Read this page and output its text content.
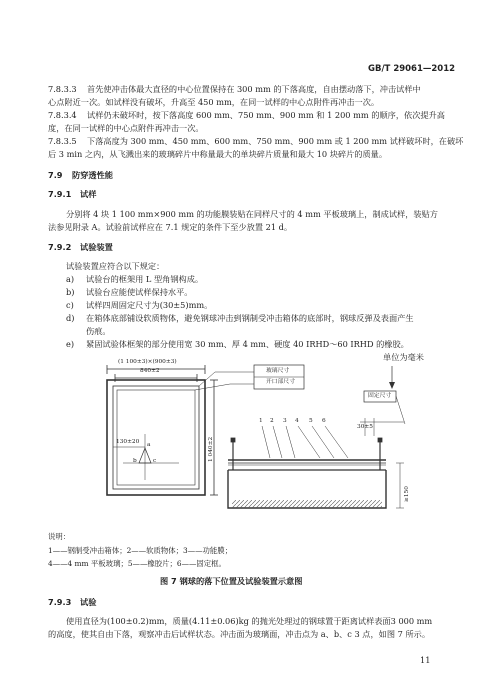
GB/T 29061—2012
7.8.3.3 首先使冲击体最大直径的中心位置保持在 300 mm 的下落高度，自由摆动落下，冲击试样中
心点附近一次。如试样没有破坏，升高至 450 mm，在同一试样的中心点附件再冲击一次。
7.8.3.4 试样仍未破坏时，按下落高度 600 mm、750 mm、900 mm 和 1 200 mm 的顺序，依次提升高
度，在同一试样的中心点附件再冲击一次。
7.8.3.5 下落高度为 300 mm、450 mm、600 mm、750 mm、900 mm 或 1 200 mm 试样破坏时，在破坏
后 3 min 之内，从飞溅出来的玻璃碎片中称量最大的单块碎片质量和最大 10 块碎片的质量。
7.9 防穿透性能
7.9.1 试样
分别将 4 块 1 100 mm×900 mm 的功能膜装贴在同样尺寸的 4 mm 平板玻璃上，制成试样，装贴方
法参见附录 A。试验前试样应在 7.1 规定的条件下至少放置 21 d。
7.9.2 试验装置
试验装置应符合以下规定：
a) 试验台的框架用 L 型角钢构成。
b) 试验台应能使试样保持水平。
c) 试样四周固定尺寸为(30±5)mm。
d) 在箱体底部铺设软质物体，避免钢球冲击到钢制受冲击箱体的底部时，钢球反弹及表面产生
伤痕。
e) 紧固试验体框架的部分使用宽 30 mm、厚 4 mm、硬度 40 IRHD～60 IRHD 的橡胶。
单位为毫米
(1 100±3)×(900±3)
840±2
1 040±2
130±20 a
b	c
玻璃尺寸
开口部尺寸
固定尺寸
30±5
≥150
1 2 3 4 5 6
说明：
1——钢制受冲击箱体；2——软质物体；3——功能膜；
4——4 mm 平板玻璃；5——橡胶片；6——固定框。
图 7 钢球的落下位置及试验装置示意图
7.9.3 试验
使用直径为(100±0.2)mm，质量(4.11±0.06)kg 的抛光处理过的钢球置于距离试样表面3 000 mm
的高度，使其自由下落，观察冲击后试样状态。冲击面为玻璃面，冲击点为 a、b、c 3 点，如图 7 所示。
11
